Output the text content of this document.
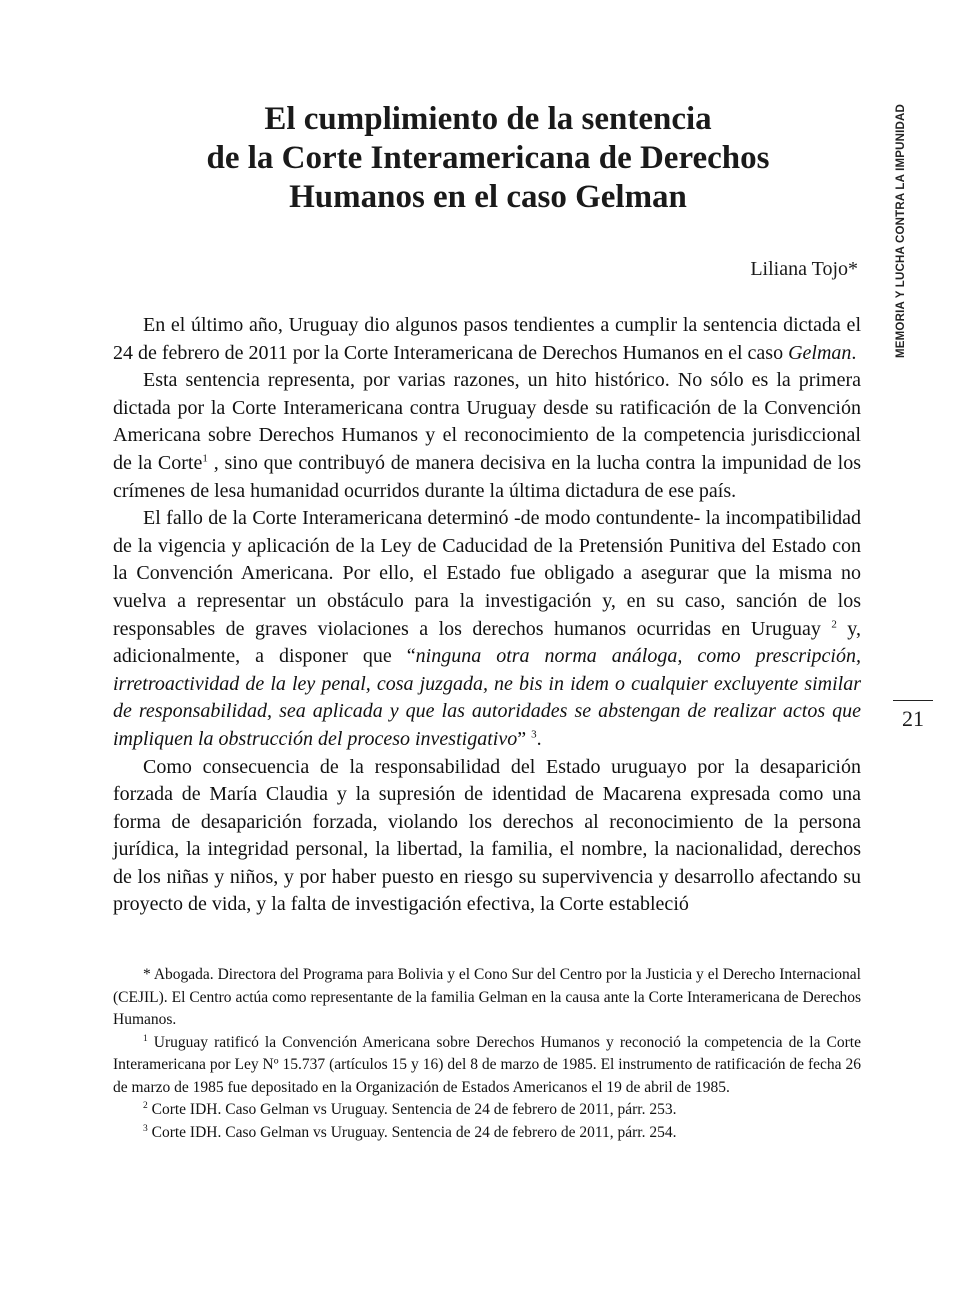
El cumplimiento de la sentencia
de la Corte Interamericana de Derechos
Humanos en el caso Gelman
Liliana Tojo*	MEMORIA Y LUCHA CONTRA LA IMPUNIDAD
21

En el último año, Uruguay dio algunos pasos tendientes a cumplir la sentencia dictada el 24 de febrero de 2011 por la Corte Interamericana de Derechos Humanos en el caso Gelman.

Esta sentencia representa, por varias razones, un hito histórico. No sólo es la primera dictada por la Corte Interamericana contra Uruguay desde su ratificación de la Convención Americana sobre Derechos Humanos y el reconocimiento de la competencia jurisdiccional de la Corte$^1$ , sino que contribuyó de manera decisiva en la lucha contra la impunidad de los crímenes de lesa humanidad ocurridos durante la última dictadura de ese país.

El fallo de la Corte Interamericana determinó -de modo contundente- la incompatibilidad de la vigencia y aplicación de la Ley de Caducidad de la Pretensión Punitiva del Estado con la Convención Americana. Por ello, el Estado fue obligado a asegurar que la misma no vuelva a representar un obstáculo para la investigación y, en su caso, sanción de los responsables de graves violaciones a los derechos humanos ocurridas en Uruguay $^2$ y, adicionalmente, a disponer que “ninguna otra norma análoga, como prescripción, irretroactividad de la ley penal, cosa juzgada, ne bis in idem o cualquier excluyente similar de responsabilidad, sea aplicada y que las autoridades se abstengan de realizar actos que impliquen la obstrucción del proceso investigativo” $^3$.

Como consecuencia de la responsabilidad del Estado uruguayo por la desaparición forzada de María Claudia y la supresión de identidad de Macarena expresada como una forma de desaparición forzada, violando los derechos al reconocimiento de la persona jurídica, la integridad personal, la libertad, la familia, el nombre, la nacionalidad, derechos de los niñas y niños, y por haber puesto en riesgo su supervivencia y desarrollo afectando su proyecto de vida, y la falta de investigación efectiva, la Corte estableció

* Abogada. Directora del Programa para Bolivia y el Cono Sur del Centro por la Justicia y el Derecho Internacional (CEJIL). El Centro actúa como representante de la familia Gelman en la causa ante la Corte Interamericana de Derechos Humanos.

$^1$ Uruguay ratificó la Convención Americana sobre Derechos Humanos y reconoció la competencia de la Corte Interamericana por Ley Nº 15.737 (artículos 15 y 16) del 8 de marzo de 1985. El instrumento de ratificación de fecha 26 de marzo de 1985 fue depositado en la Organización de Estados Americanos el 19 de abril de 1985.

$^2$ Corte IDH. Caso Gelman vs Uruguay. Sentencia de 24 de febrero de 2011, párr. 253.

$^3$ Corte IDH. Caso Gelman vs Uruguay. Sentencia de 24 de febrero de 2011, párr. 254.
